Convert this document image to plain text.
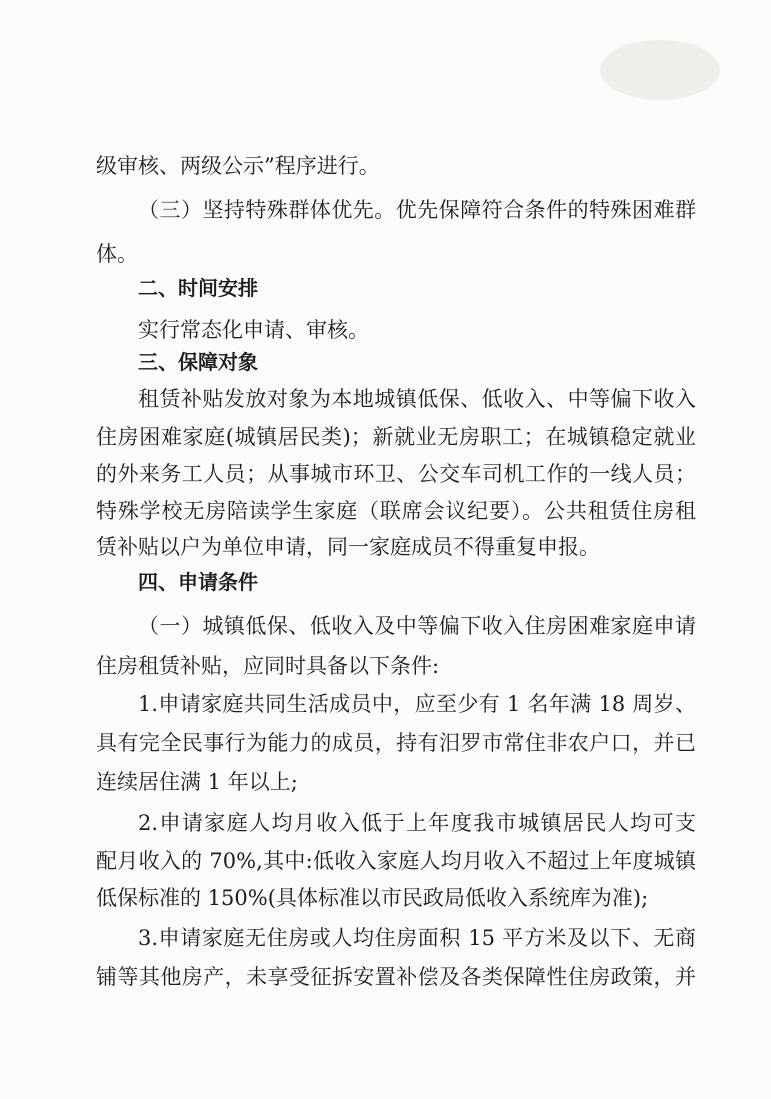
级审核、两级公示”程序进行。
（三）坚持特殊群体优先。优先保障符合条件的特殊困难群
体。
二、时间安排
实行常态化申请、审核。
三、保障对象
租赁补贴发放对象为本地城镇低保、低收入、中等偏下收入
住房困难家庭(城镇居民类)；新就业无房职工；在城镇稳定就业
的外来务工人员；从事城市环卫、公交车司机工作的一线人员；
特殊学校无房陪读学生家庭（联席会议纪要）。公共租赁住房租
赁补贴以户为单位申请，同一家庭成员不得重复申报。
四、申请条件
（一）城镇低保、低收入及中等偏下收入住房困难家庭申请
住房租赁补贴，应同时具备以下条件:
1.申请家庭共同生活成员中，应至少有 1 名年满 18 周岁、
具有完全民事行为能力的成员，持有汨罗市常住非农户口，并已
连续居住满 1 年以上;
2.申请家庭人均月收入低于上年度我市城镇居民人均可支
配月收入的 70%,其中:低收入家庭人均月收入不超过上年度城镇
低保标准的 150%(具体标准以市民政局低收入系统库为准);
3.申请家庭无住房或人均住房面积 15 平方米及以下、无商
铺等其他房产，未享受征拆安置补偿及各类保障性住房政策，并
